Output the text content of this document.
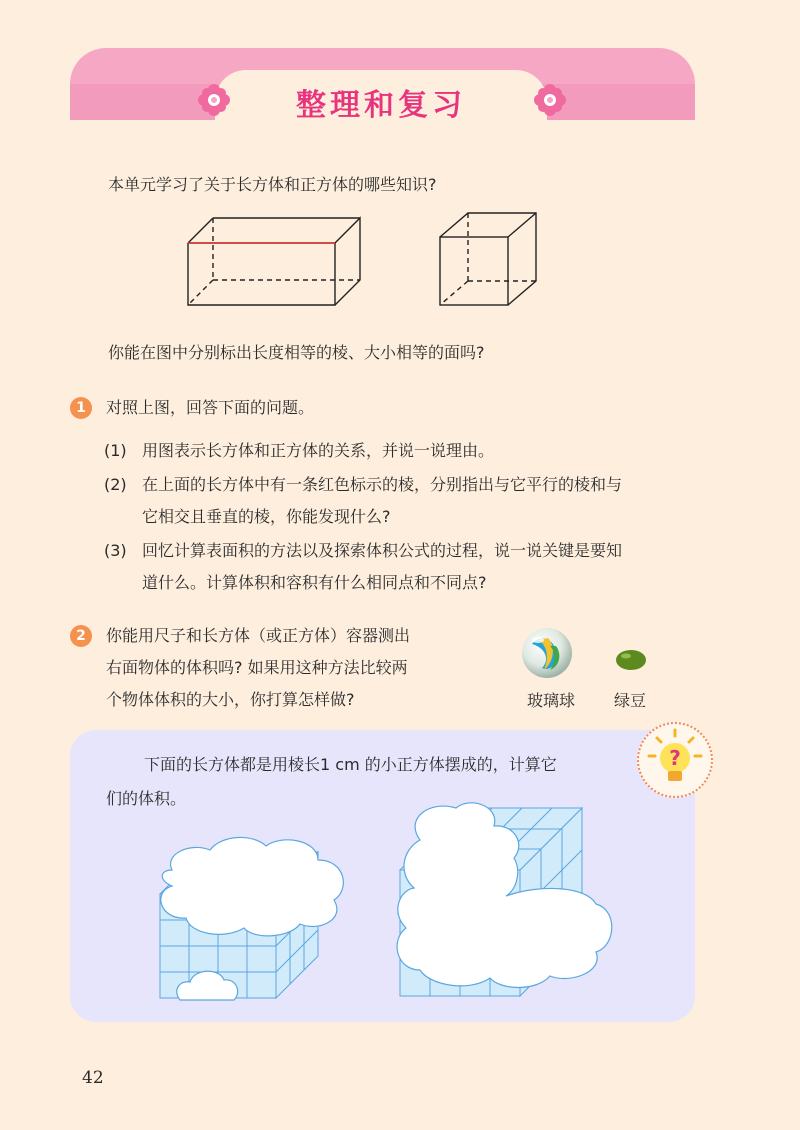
整理和复习
本单元学习了关于长方体和正方体的哪些知识?
你能在图中分别标出长度相等的棱、大小相等的面吗?
1	对照上图，回答下面的问题。
(1) 用图表示长方体和正方体的关系，并说一说理由。
(2) 在上面的长方体中有一条红色标示的棱，分别指出与它平行的棱和与
它相交且垂直的棱，你能发现什么?
(3) 回忆计算表面积的方法以及探索体积公式的过程，说一说关键是要知
道什么。计算体积和容积有什么相同点和不同点?
2	你能用尺子和长方体（或正方体）容器测出
右面物体的体积吗? 如果用这种方法比较两
个物体体积的大小，你打算怎样做?	玻璃球 绿豆
?
下面的长方体都是用棱长1 cm 的小正方体摆成的，计算它
们的体积。
42
